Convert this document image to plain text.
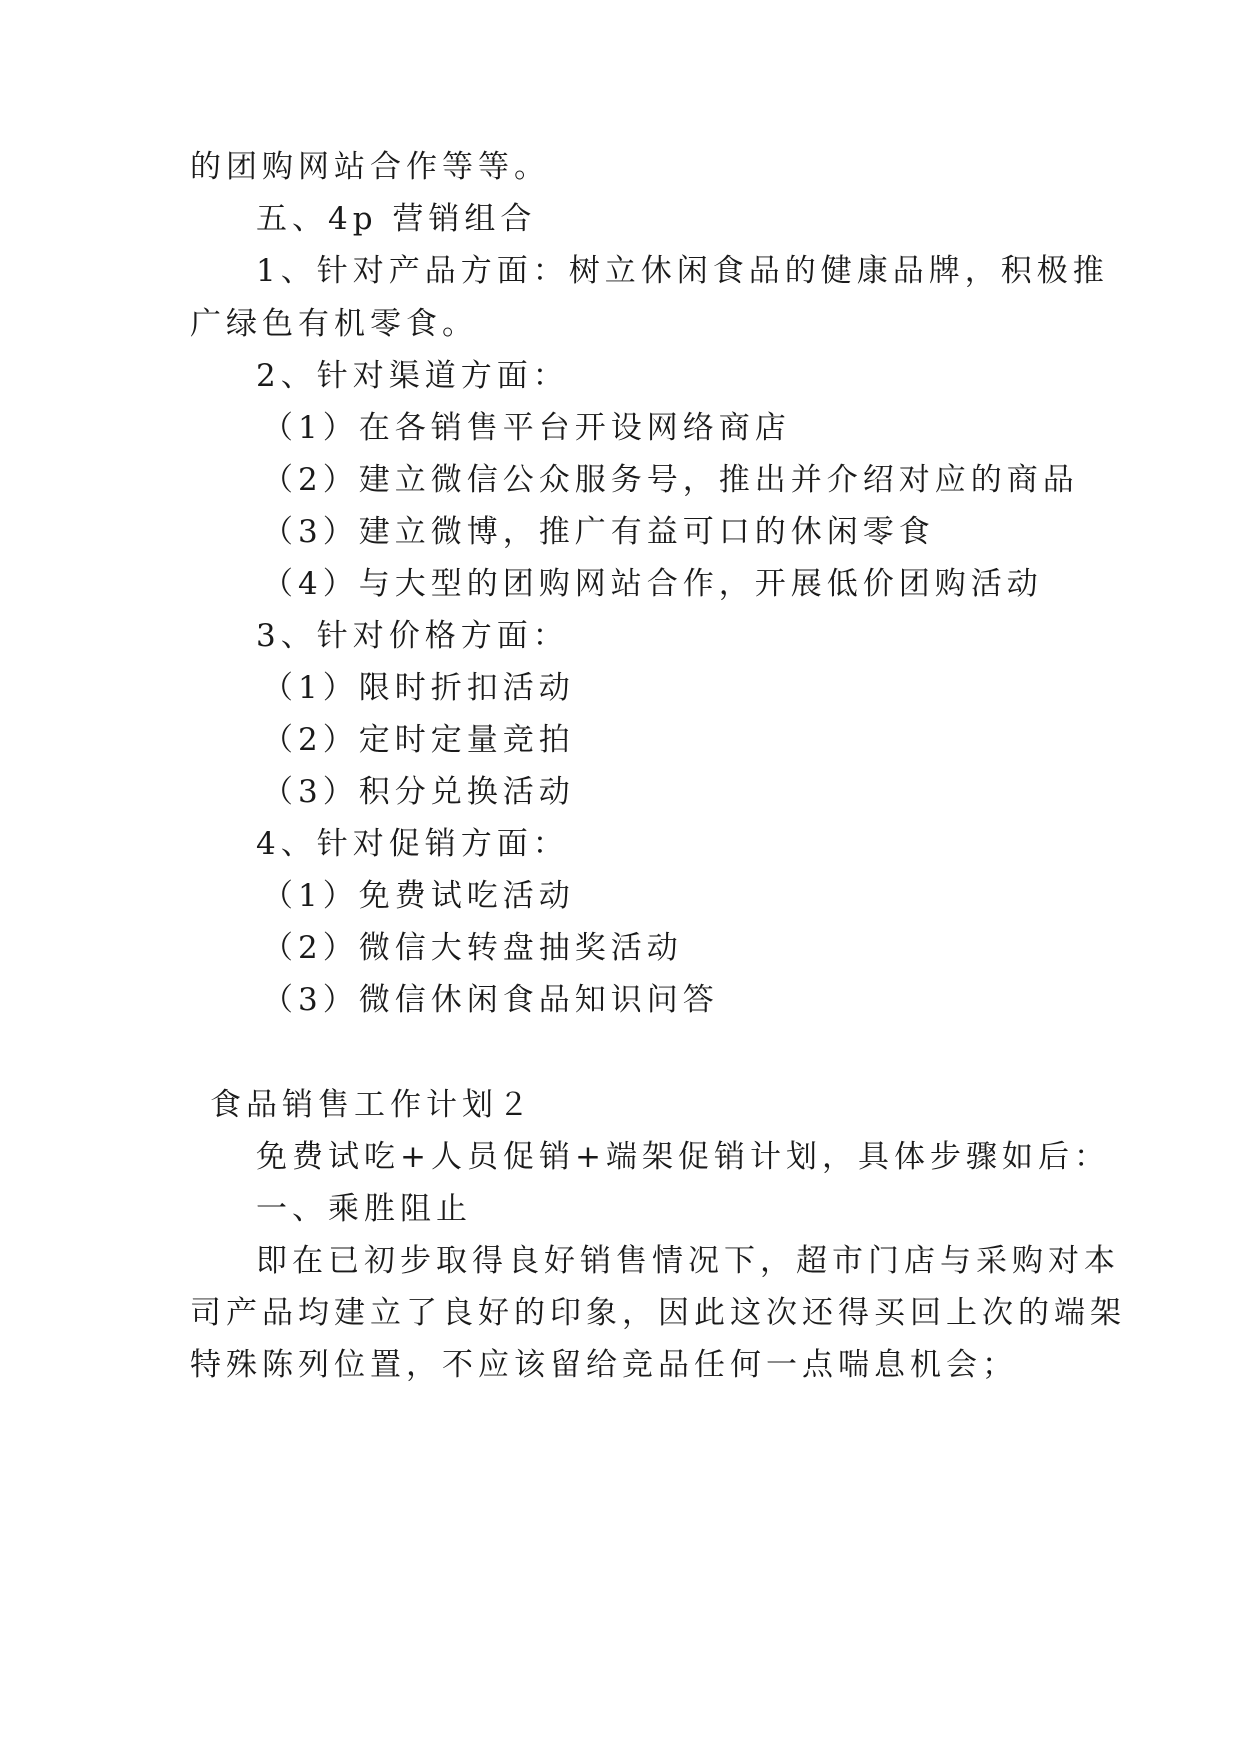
的团购网站合作等等。
五、4p 营销组合
1、针对产品方面：树立休闲食品的健康品牌，积极推
广绿色有机零食。
2、针对渠道方面：
（1）在各销售平台开设网络商店
（2）建立微信公众服务号，推出并介绍对应的商品
（3）建立微博，推广有益可口的休闲零食
（4）与大型的团购网站合作，开展低价团购活动
3、针对价格方面：
（1）限时折扣活动
（2）定时定量竞拍
（3）积分兑换活动
4、针对促销方面：
（1）免费试吃活动
（2）微信大转盘抽奖活动
（3）微信休闲食品知识问答
食品销售工作计划２
免费试吃+人员促销+端架促销计划，具体步骤如后：
一、乘胜阻止
即在已初步取得良好销售情况下，超市门店与采购对本
司产品均建立了良好的印象，因此这次还得买回上次的端架
特殊陈列位置，不应该留给竞品任何一点喘息机会；
